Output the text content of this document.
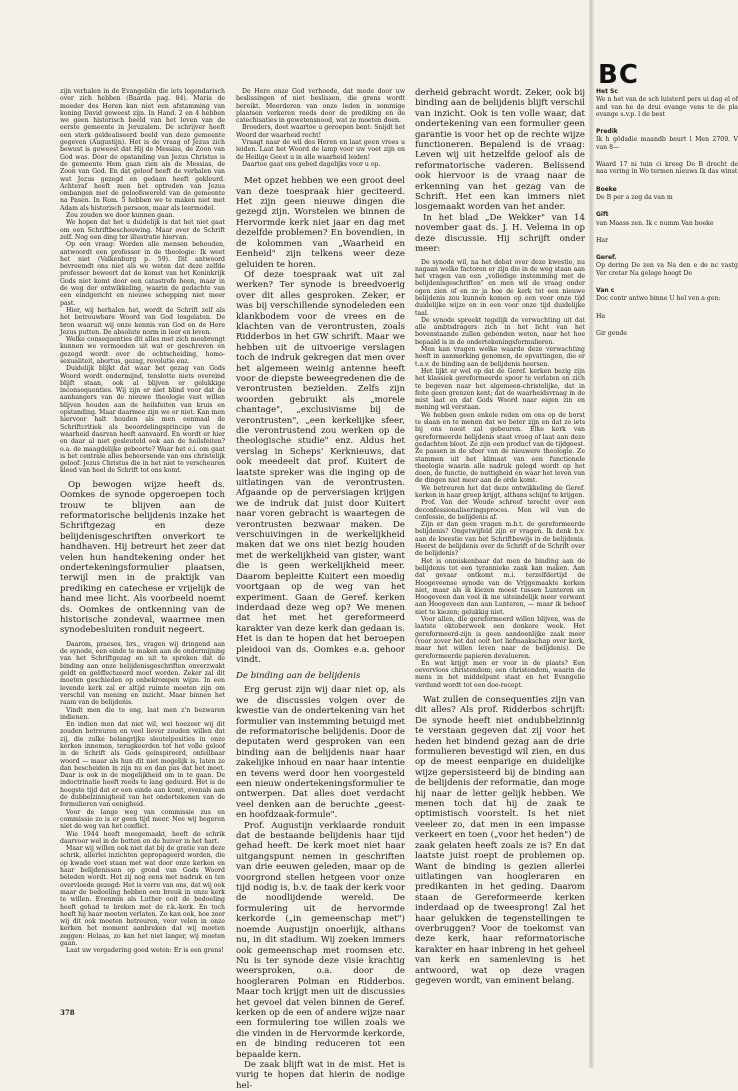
zijn verhalen in de Evangeliën die iets legendarisch over zich hebben (Baarda pag. 84). Maria de moeder des Heren kan niet een afstamming van koning David geweest zijn. In Hand. 2 en 4 hebben we geen historisch beeld van het leven van de eerste gemeente in Jeruzalem. De schrijver heeft een sterk geïdealiseerd beeld van deze gemeente gegeven (Augustijn). Het is de vraag of Jezus zich bewust is geweest dat Hij de Messias, de Zoon van God was. Door de opstanding van Jezus Christus is de gemeente Hem gaan zien als de Messias, de Zoon van God. En dat geloof heeft de verhalen van wat Jezus gezegd en gedaan heeft gekleurd. Achteraf heeft men het optreden van Jezus ombangen met de geloofswereld van de gemeente na Pasen. In Rom. 5 hebben we te maken niet met Adam als historisch persoon, maar als leermodel.

Zou zouden we door kunnen gaan.

We hopen dat het u duidelijk is dat het niet gaat om een Schriftbeschouwing. Maar over de Schrift zelf. Nog een ding ter illustratie hiervan.

Op een vraag: Worden alle mensen behouden, antwoordt een professor in de theologie: Ik weet het niet (Valkenburg p. 59). Dit antwoord bevreemdt ons niet als we weten dat deze zelfde professor beweert dat de komst van het Koninkrijk Gods niet komt door een catastrofe heen, maar in de weg der ontwikkeling, waarin de gedachte van een eindgericht en nieuwe schepping niet meer past.

Hier, wij herhalen het, wordt de Schrift zelf als het betrouwbare Woord van God losgelaten. De bron waaruit wij onze kennis van God en de Here Jezus putten. De absolute norm in leer en leven.

Welke consequenties dit alles met zich meebrengt kunnen we vermoeden uit wat er geschreven en gezegd wordt over de echtscheiding, homo-sexualiteit, abortus, gezag, revolutie enz.

Duidelijk blijkt dat waar het gezag van Gods Woord wordt ondermijnd, tenslotte niets overeind blijft staan, ook al blijven er gelukkige inconsequenties. Wij zijn er niet blind voor dat de aanhangers van de nieuwe theologie vast willen blijven houden aan de heilsfeiten van kruis en opstanding. Maar daarmee zijn we er niet. Kan men hiervoor halt houden als men eenmaal de Schriftcritiek als beoordelingsprincipe van de waarheid daarvan heeft aanvaard. En wordt er hier en daar al niet gesleuteld ook aan de heilsfeiten? o.a. de maagdelijke geboorte? Waar het o.i. om gaat is het centrale alles beheersende van ons christelijk geloof. Jezus Christus die in het niet te verscheuren kleed van heel de Schrift tot ons komt.

Op bewogen wijze heeft ds. Oomkes de synode opgeroepen toch trouw te blijven aan de reformatorische belijdenis inzake het Schriftgezag en deze belijdenisgeschriften onverkort te handhaven. Hij betreurt het zeer dat velen hun handtekening onder het ondertekeningsformulier plaatsen, terwijl men in de praktijk van prediking en catechese er vrijelijk de hand mee licht. Als voorbeeld noemt ds. Oomkes de ontkenning van de historische zondeval, waarmee men synodebesluiten ronduit negeert.

Daarom, praeses, brs., vragen wij dringend aan de synode, een einde te maken aan de ondermijning van het Schriftgezag en uit te spreken dat de binding aan onze belijdenisgeschriften onverzwakt geldt en geëffectueerd moet worden. Zeker zal dit moeten geschieden op onbekrompen wijze. In een levende kerk zal er altijd ruimte moeten zijn om verschil van mening en inzicht. Maar binnen het raam van de belijdenis.

Vindt men die te eng, laat men z'n bezwaren indienen.

En indien men dat niet wil, wel hoezeer wij dit zouden betreuren en veel liever zouden willen dat zij, die zulke belangrijke sleutelposities in onze kerken innemen, terugkeerden tot het volle geloof in de Schrift als Gods geïnspireerd, onfeilbaar woord — maar als hun dit niet mogelijk is, laten ze dan bescheiden in zijn nu en dan pas dat het moet. Daar is ook in de mogelijkheid om in te gaan. De indoctrinatie heeft reeds te lang geduurd. Het is de hoogste tijd dat er een einde aan komt, evenals aan de dubbelzinnigheid van het ondertekenen van de formulieren van eenigheid.

Voor de lange weg van commissie zus en commissie zo is er geen tijd meer. Nee wij begeren niet de weg van het conflict.

Wie 1944 heeft meegemaakt, heeft de schrik daarvoor wel in de botten en de huiver in het hart.

Maar wij willen ook niet dat bij de gratie van deze schrik, allerlei inzichten gepropageerd worden, die op kwade voet staan met wat door onze kerken en haar belijdenissen op grond van Gods Woord beleden wordt. Het zij nog eens met nadruk en ten overvloede gezegd: Het is verre van ons, dat wij ook maar de bedoeling hebben een breuk in onze kerk te willen. Evenmin als Luther ooit de bedoeling heeft gehad te breken met de r.k.-kerk. En toch heeft hij haar moeten verlaten. Zo kan ook, hoe zeer wij dit ook moeten betreuren, voor velen in onze kerken het moment aanbreken dat wij moeten zeggen: Helaas, zo kan het niet langer, wij moeten gaan.

Laat uw vergadering goed weten: Er is een grens!

De Here onze God verhoede, dat mede door uw beslissingen of niet beslissen, die grens wordt bereikt. Meerderen van onze leden in sommige plaatsen verkeren reeds door de prediking en de catechisaties in gewetensnood, wat ze moeten doen.

Broeders, doet waartoe u geroepen bent: Snijdt het Woord der waarheid recht!

Vraagt naar de wil des Heren en laat geen vrees u leiden. Laat het Woord de lamp voor uw voet zijn en de Heilige Geest u in alle waarheid leiden!

Daartoe gaat ons gebed dagelijks voor u op.

Met opzet hebben we een groot deel van deze toespraak hier geciteerd. Het zijn geen nieuwe dingen die gezegd zijn. Worstelen we binnen de Hervormde kerk niet jaar en dag met dezelfde problemen? En bovendien, in de kolommen van „Waarheid en Eenheid" zijn telkens weer deze geluiden te horen.

Of deze toespraak wat uit zal werken? Ter synode is breedvoerig over dit alles gesproken. Zeker, er was bij verschillende synodeleden een klankbodem voor de vrees en de klachten van de verontrusten, zoals Ridderbos in het GW schrift. Maar we hebben uit de uitvoerige verslagen toch de indruk gekregen dat men over het algemeen weinig antenne heeft voor de diepste beweegredenen die de verontrusten bezielden. Zelfs zijn woorden gebruikt als „morele chantage", „exclusivisme bij de verontrusten", „een kerkelijke sfeer, die verontrustend zou werken op de theologische studie" enz. Aldus het verslag in Scheps' Kerknieuws, dat ook meedeelt dat prof. Kuitert de laatste spreker was die inging op de uitlatingen van de verontrusten. Afgaande op de perversiagen krijgen we de indruk dat juist door Kuitert naar voren gebracht is waartegen de verontrusten bezwaar maken. De verschuivingen in de werkelijkheid maken dat we ons niet bezig houden met de werkelijkheid van gister, want die is geen werkelijkheid meer. Daarom bepleitte Kuitert een moedig voortgaan op de weg van het experiment. Gaan de Geref. kerken inderdaad deze weg op? We menen dat het met het gereformeerd karakter van deze kerk dan gedaan is. Het is dan te hopen dat het beroepen pleidooi van ds. Oomkes e.a. gehoor vindt.

De binding aan de belijdenis

Erg gerust zijn wij daar niet op, als we de discussies volgen over de kwestie van de ondertekening van het formulier van instemming betuigd met de reformatorische belijdenis. Door de deputaten werd gesproken van een binding aan de belijdenis naar haar zakelijke inhoud en naar haar intentie en tevens werd door hen voorgesteld een nieuw ondertekeningsformulier te ontwerpen. Dat alles doet verdacht veel denken aan de beruchte „geest- en hoofdzaak-formule".

Prof. Augustijn verklaarde ronduit dat de bestaande belijdenis haar tijd gehad heeft. De kerk moet niet haar uitgangspunt nemen in geschriften van drie eeuwen geleden, maar op de voorgrond stellen hetgeen voor onze tijd nodig is, b.v. de taak der kerk voor de noodlijdende wereld. De formulering uit de hervormde kerkorde („in gemeenschap met") noemde Augustijn onoerlijk, althans nu, in dit stadium. Wij zoeken immers ook gemeenschap met roomsen etc. Nu is ter synode deze visie krachtig weersproken, o.a. door de hoogleraren Polman en Ridderbos. Maar toch krijgt men uit de discussies het gevoel dat velen binnen de Geref. kerken op de een of andere wijze naar een formulering toe willen zoals we die vinden in de Hervormde kerkorde, en de binding reduceren tot een bepaalde kern.

De zaak blijft wat in de mist. Het is vurig te hopen dat hierin de nodige hel-

derheid gebracht wordt. Zeker, ook bij binding aan de belijdenis blijft verschil van inzicht. Ook is ten volle waar, dat ondertekening van een formulier geen garantie is voor het op de rechte wijze functioneren. Bepalend is de vraag: Leven wij uit hetzelfde geloof als de reformatorische vaderen. Belissend ook hiervoor is de vraag naar de erkenning van het gezag van de Schrift. Het een kan immers niet losgemaakt worden van het ander.

In het blad „De Wekker" van 14 november gaat ds. J. H. Velema in op deze discussie. Hij schrijft onder meer:

De synode wil, na het debat over deze kwestie, nu nagaan welke factoren er zijn die in de weg staan aan het vragen van een „volledige instemming met de belijdenisgeschriften" en men wil de vraag onder ogen zien of en zo ja hoe de kerk tot een nieuwe belijdenis zou kunnen komen op een voor onze tijd duidelijke wijze en in een voor onze tijd duidelijke taal.

De synode spreekt tegelijk de verwachting uit dat alle ambtsdragers zich in het licht van het bovenstaande zullen gebonden weten, naar het hoe bepaald is in de ondertekeningsformulieren.

Men kan vragen welke waarde deze verwachting heeft in aanmerking genomen, de opvattingen, die er t.a.v. de binding aan de belijdenis heersen.

Het lijkt er wel op dat de Geref. kerken bezig zijn het klassiek gereformeerde spoor te verlaten en zich te begeven naar het algemeen-christelijke, dat in feite geen grenzen kent; dat de waarheidsvraag in de mist laat en dat Gods Woord naar eigen zin en mening wil verstaan.

We hebben geen enkele reden om ons op de borst te slaan en te menen dat we beter zijn en dat zo iets bij ons nooit zal gebeuren. Elke kerk van gereformeerde belijdenis staat vroeg of laat aan deze gedachten bloot. Ze zijn een product van de tijdgeest. Ze passen in de sfeer van de nieuwere theologie. Ze stammen uit het klimaat van een functionele theologie waarin alle nadruk gelegd wordt op het doen, de functie, de nuttigheid en waar het leven van de dingen niet meer aan de orde komt.

We betreuren het dat deze ontwikkeling de Geref. kerken in haar greep krijgt, althans schijnt te krijgen.

Prof. Van der Woude schreef terecht over een deconfessionaliseringsproces. Men wil van de confessie, de belijdenis af.

Zijn er dan geen vragen m.b.t. de gereformeerde belijdenis? Ongetwijfeld zijn er vragen. Ik denk b.v. aan de kwestie van het Schriftbewijs in de belijdenis. Heerst de belijdenis over de Schrift of de Schrift over de belijdenis?

Het is onmiskenbaar dat men de binding aan de belijdenis tot een tyrannieke zaak kan maken. Aan dat gevaar ontkomt m.i. terzelfdertijd de Hoogeveense synode van de Vrijgemaakte kerken niet, maar als ik kiezen moest tussen Lunteren en Hoogeveen dan voel ik me uiteindelijk meer verwant aan Hoogeveen dan aan Lunteren, — maar ik behoef niet te kiezen; gelukkig niet.

Voor allen, die gereformeerd willen blijven, was de laatste oktoberweek een donkere week. Het gereformeerd-zijn is geen aandoenlijke zaak meer (voor zover het dat ooit het liefmaakschap over kerk, maar het willen leven naar de belijdenis). De gereformeerde papieren devalueren.

En wat krijgt men er voor in de plaats? Een oevervloos christendom; een christendom, waarin de mens in het middelpunt staat en het Evangelie verdund wordt tot een doe-recept.

Wat zullen de consequenties zijn van dit alles? Als prof. Ridderbos schrijft: De synode heeft niet ondubbelzinnig te verstaan gegeven dat zij voor het heden het bindend gezag aan de drie formulieren bevestigd wil zien, en dus op de meest eenparige en duidelijke wijze gepersisteerd bij de binding aan de belijdenis der reformatie, dan moge hij naar de letter gelijk hebben. We menen toch dat hij de zaak te optimistisch voorstelt. Is het niet veeleer zo, dat men in een impasse verkeert en toen („voor het heden") de zaak gelaten heeft zoals ze is? En dat laatste juist roept de problemen op. Want de binding is gezien allerlei uitlatingen van hoogleraren en predikanten in het geding. Daarom staan de Gereformeerde kerken inderdaad op de tweesprong! Zal het haar gelukken de tegenstellingen te overbruggen? Voor de toekomst van deze kerk, haar reformatorische karakter en haar inbreng in het geheel van kerk en samenleving is het antwoord, wat op deze vragen gegeven wordt, van eminent belang.

BC
Het Sc
We n het van de sch luisterd pers ui dag el of and van he de drui evange vens te de pla evange s.v.p. l de best
Predik
Ik h gödsdie maandb beurt l Men 2709. V van 8—
Waard 17 ni tuin ci kreeg De B drecht de naa vering in Wo termen nieuws Ik das winst
Boeke
De B per a zeg da van m
Gift
van Maass zen. Ik c numm Van boeke
Har
Geref.
Op dering De zen va Na den e de nc vastg Ver cretar Na gelege hoogt De
Van c
Doc contr antwo binne U hel ven a gen:
Ha
Gir gende
378
